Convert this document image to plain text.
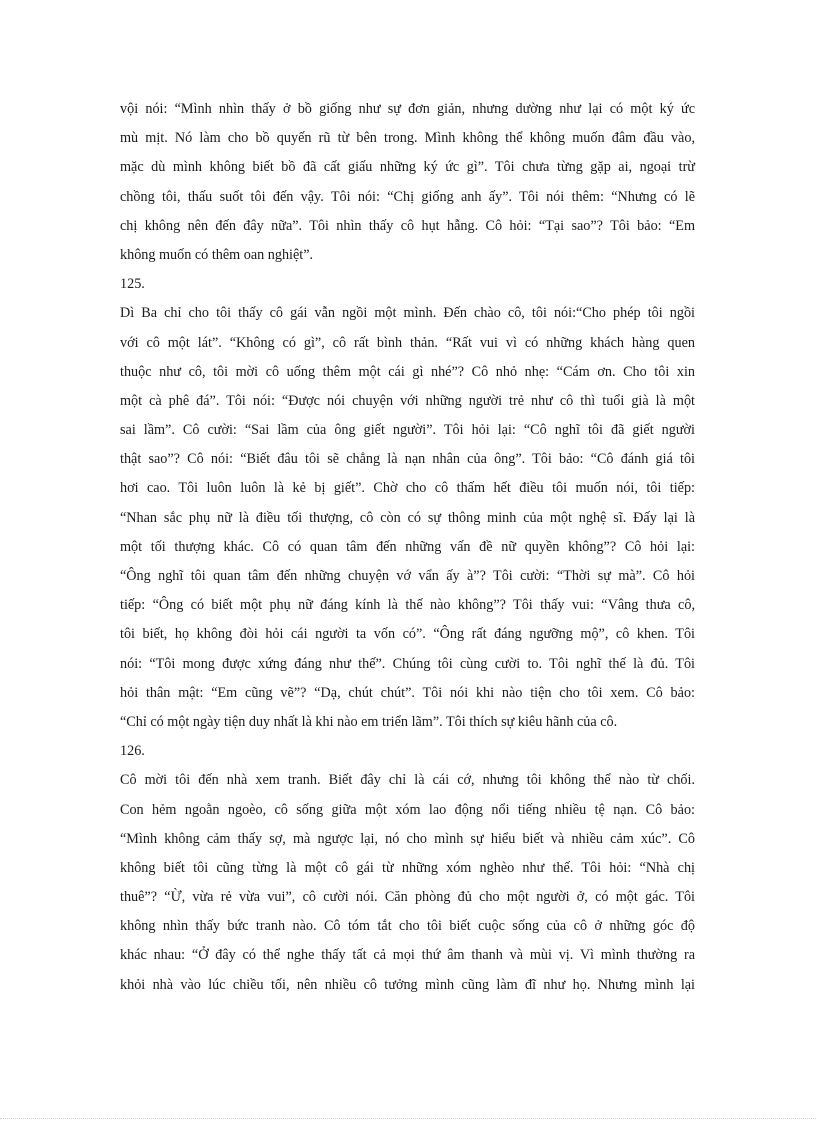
vội nói: “Mình nhìn thấy ở bồ giống như sự đơn giản, nhưng dường như lại có một ký ức
mù mịt. Nó làm cho bồ quyến rũ từ bên trong. Mình không thể không muốn đâm đầu vào,
mặc dù mình không biết bồ đã cất giấu những ký ức gì”. Tôi chưa từng gặp ai, ngoại trừ
chồng tôi, thấu suốt tôi đến vậy. Tôi nói: “Chị giống anh ấy”. Tôi nói thêm: “Nhưng có lẽ
chị không nên đến đây nữa”. Tôi nhìn thấy cô hụt hẫng. Cô hỏi: “Tại sao”? Tôi bảo: “Em
không muốn có thêm oan nghiệt”.
125.
Dì Ba chỉ cho tôi thấy cô gái vẫn ngồi một mình. Đến chào cô, tôi nói:“Cho phép tôi ngồi
với cô một lát”. “Không có gì”, cô rất bình thản. “Rất vui vì có những khách hàng quen
thuộc như cô, tôi mời cô uống thêm một cái gì nhé”? Cô nhỏ nhẹ: “Cám ơn. Cho tôi xin
một cà phê đá”. Tôi nói: “Được nói chuyện với những người trẻ như cô thì tuổi già là một
sai lầm”. Cô cười: “Sai lầm của ông giết người”. Tôi hỏi lại: “Cô nghĩ tôi đã giết người
thật sao”? Cô nói: “Biết đâu tôi sẽ chẳng là nạn nhân của ông”. Tôi bảo: “Cô đánh giá tôi
hơi cao. Tôi luôn luôn là kẻ bị giết”. Chờ cho cô thấm hết điều tôi muốn nói, tôi tiếp:
“Nhan sắc phụ nữ là điều tối thượng, cô còn có sự thông minh của một nghệ sĩ. Đấy lại là
một tối thượng khác. Cô có quan tâm đến những vấn đề nữ quyền không”? Cô hỏi lại:
“Ông nghĩ tôi quan tâm đến những chuyện vớ vẩn ấy à”? Tôi cười: “Thời sự mà”. Cô hỏi
tiếp: “Ông có biết một phụ nữ đáng kính là thế nào không”? Tôi thấy vui: “Vâng thưa cô,
tôi biết, họ không đòi hỏi cái người ta vốn có”. “Ông rất đáng ngưỡng mộ”, cô khen. Tôi
nói: “Tôi mong được xứng đáng như thế”. Chúng tôi cùng cười to. Tôi nghĩ thế là đủ. Tôi
hỏi thân mật: “Em cũng vẽ”? “Dạ, chút chút”. Tôi nói khi nào tiện cho tôi xem. Cô bảo:
“Chỉ có một ngày tiện duy nhất là khi nào em triển lãm”. Tôi thích sự kiêu hãnh của cô.
126.
Cô mời tôi đến nhà xem tranh. Biết đây chỉ là cái cớ, nhưng tôi không thể nào từ chối.
Con hẻm ngoằn ngoèo, cô sống giữa một xóm lao động nổi tiếng nhiều tệ nạn. Cô bảo:
“Mình không cảm thấy sợ, mà ngược lại, nó cho mình sự hiểu biết và nhiều cảm xúc”. Cô
không biết tôi cũng từng là một cô gái từ những xóm nghèo như thế. Tôi hỏi: “Nhà chị
thuê”? “Ừ, vừa rẻ vừa vui”, cô cười nói. Căn phòng đủ cho một người ở, có một gác. Tôi
không nhìn thấy bức tranh nào. Cô tóm tắt cho tôi biết cuộc sống của cô ở những góc độ
khác nhau: “Ở đây có thể nghe thấy tất cả mọi thứ âm thanh và mùi vị. Vì mình thường ra
khỏi nhà vào lúc chiều tối, nên nhiều cô tưởng mình cũng làm đĩ như họ. Nhưng mình lại
